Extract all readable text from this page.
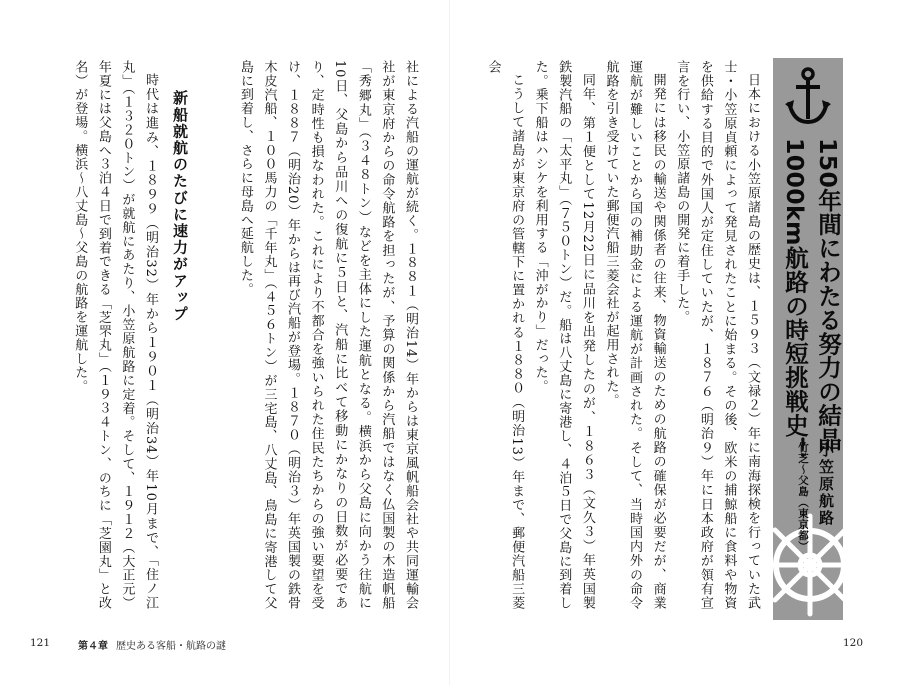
社による汽船の運航が続く。１８８１（明治14）年からは東京風帆船会社や共同運輸会社が東京府からの命令航路を担ったが、予算の関係から汽船ではなく仏国製の木造帆船「秀郷丸」（３４８トン）などを主体にした運航となる。横浜から父島に向かう往航に10日、父島から品川への復航に５日と、汽船に比べて移動にかなりの日数が必要であり、定時性も損なわれた。これにより不都合を強いられた住民たちからの強い要望を受け、１８８７（明治20）年からは再び汽船が登場。１８７０（明治３）年英国製の鉄骨木皮汽船、１００馬力の「千年丸」（４５６トン）が三宅島、八丈島、鳥島に寄港して父島に到着し、さらに母島へ延航した。

新船就航のたびに速力がアップ

時代は進み、１８９９（明治32）年から１９０１（明治34）年10月まで、「住ノ江丸」（１３２０トン）が就航にあたり、小笠原航路に定着。そして、１９１２（大正元）年夏には父島へ３泊４日で到着できる「芝罘丸」（１９３４トン、のちに「芝園丸」と改名）が登場。横浜〜八丈島〜父島の航路を運航した。

121	第４章 歴史ある客船・航路の謎

日本における小笠原諸島の歴史は、１５９３（文禄２）年に南海探検を行っていた武士・小笠原貞頼によって発見されたことに始まる。その後、欧米の捕鯨船に食料や物資を供給する目的で外国人が定住していたが、１８７６（明治９）年に日本政府が領有宣言を行い、小笠原諸島の開発に着手した。

開発には移民の輸送や関係者の往来、物資輸送のための航路の確保が必要だが、商業運航が難しいことから国の補助金による運航が計画された。そして、当時国内外の命令航路を引き受けていた郵便汽船三菱会社が起用された。

同年、第１便として12月22日に品川を出発したのが、１８６３（文久３）年英国製鉄製汽船の「太平丸」（７５０トン）だ。船は八丈島に寄港し、４泊５日で父島に到着した。乗下船はハシケを利用する「沖がかり」だった。

こうして諸島が東京府の管轄下に置かれる１８８０（明治13）年まで、郵便汽船三菱会

120
150年間にわたる努力の結晶
1000km航路の時短挑戦史！
小笠原航路
竹芝〜父島（東京都）
